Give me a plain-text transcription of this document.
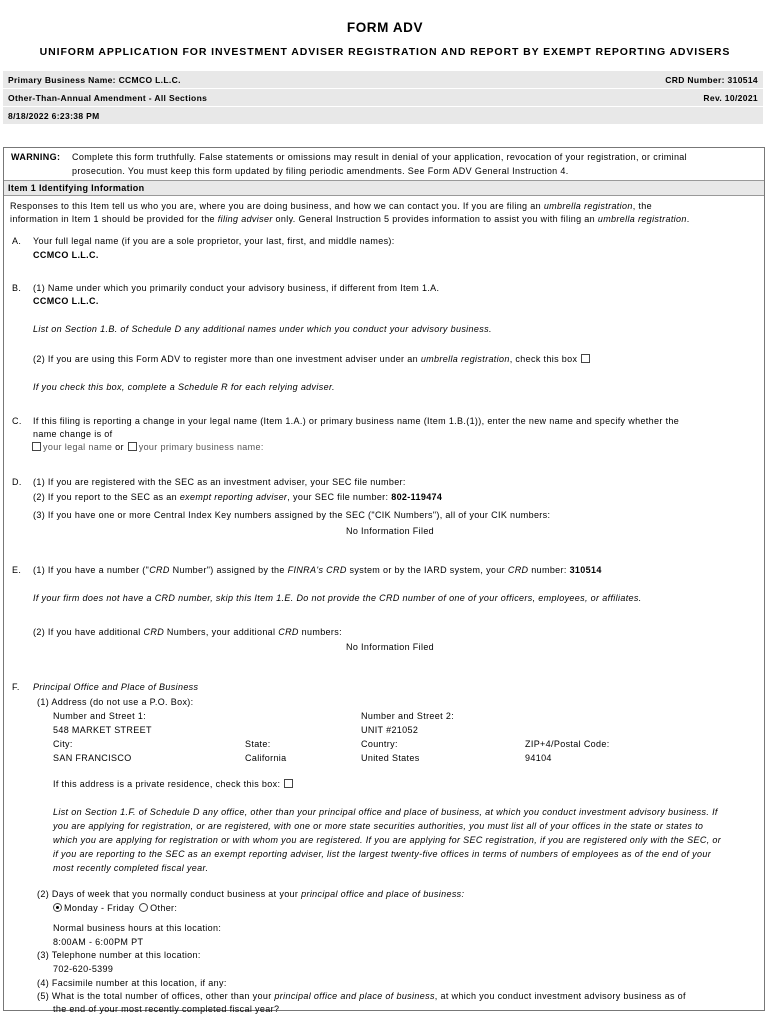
FORM ADV
UNIFORM APPLICATION FOR INVESTMENT ADVISER REGISTRATION AND REPORT BY EXEMPT REPORTING ADVISERS
Primary Business Name: CCMCO L.L.C.	CRD Number: 310514
Other-Than-Annual Amendment - All Sections	Rev. 10/2021
8/18/2022 6:23:38 PM
WARNING: Complete this form truthfully. False statements or omissions may result in denial of your application, revocation of your registration, or criminal
prosecution. You must keep this form updated by filing periodic amendments. See Form ADV General Instruction 4.
Item 1 Identifying Information
Responses to this Item tell us who you are, where you are doing business, and how we can contact you. If you are filing an umbrella registration, the
information in Item 1 should be provided for the filing adviser only. General Instruction 5 provides information to assist you with filing an umbrella registration.
A. Your full legal name (if you are a sole proprietor, your last, first, and middle names):
CCMCO L.L.C.
B. (1) Name under which you primarily conduct your advisory business, if different from Item 1.A.
CCMCO L.L.C.
List on Section 1.B. of Schedule D any additional names under which you conduct your advisory business.
(2) If you are using this Form ADV to register more than one investment adviser under an umbrella registration, check this box
If you check this box, complete a Schedule R for each relying adviser.
C. If this filing is reporting a change in your legal name (Item 1.A.) or primary business name (Item 1.B.(1)), enter the new name and specify whether the
name change is of
your legal name or your primary business name:
D. (1) If you are registered with the SEC as an investment adviser, your SEC file number:
(2) If you report to the SEC as an exempt reporting adviser, your SEC file number: 802-119474
(3) If you have one or more Central Index Key numbers assigned by the SEC ("CIK Numbers"), all of your CIK numbers:
No Information Filed
E. (1) If you have a number ("CRD Number") assigned by the FINRA's CRD system or by the IARD system, your CRD number: 310514
If your firm does not have a CRD number, skip this Item 1.E. Do not provide the CRD number of one of your officers, employees, or affiliates.
(2) If you have additional CRD Numbers, your additional CRD numbers:
No Information Filed
F. Principal Office and Place of Business
(1) Address (do not use a P.O. Box):
Number and Street 1:
548 MARKET STREET
Number and Street 2:
UNIT #21052
City:
SAN FRANCISCO
State:
California
Country:
United States
ZIP+4/Postal Code:
94104
If this address is a private residence, check this box:
List on Section 1.F. of Schedule D any office, other than your principal office and place of business, at which you conduct investment advisory business. If
you are applying for registration, or are registered, with one or more state securities authorities, you must list all of your offices in the state or states to
which you are applying for registration or with whom you are registered. If you are applying for SEC registration, if you are registered only with the SEC, or
if you are reporting to the SEC as an exempt reporting adviser, list the largest twenty-five offices in terms of numbers of employees as of the end of your
most recently completed fiscal year.
(2) Days of week that you normally conduct business at your principal office and place of business:
Monday - Friday Other:
Normal business hours at this location:
8:00AM - 6:00PM PT
(3) Telephone number at this location:
702-620-5399
(4) Facsimile number at this location, if any:
(5) What is the total number of offices, other than your principal office and place of business, at which you conduct investment advisory business as of
the end of your most recently completed fiscal year?
